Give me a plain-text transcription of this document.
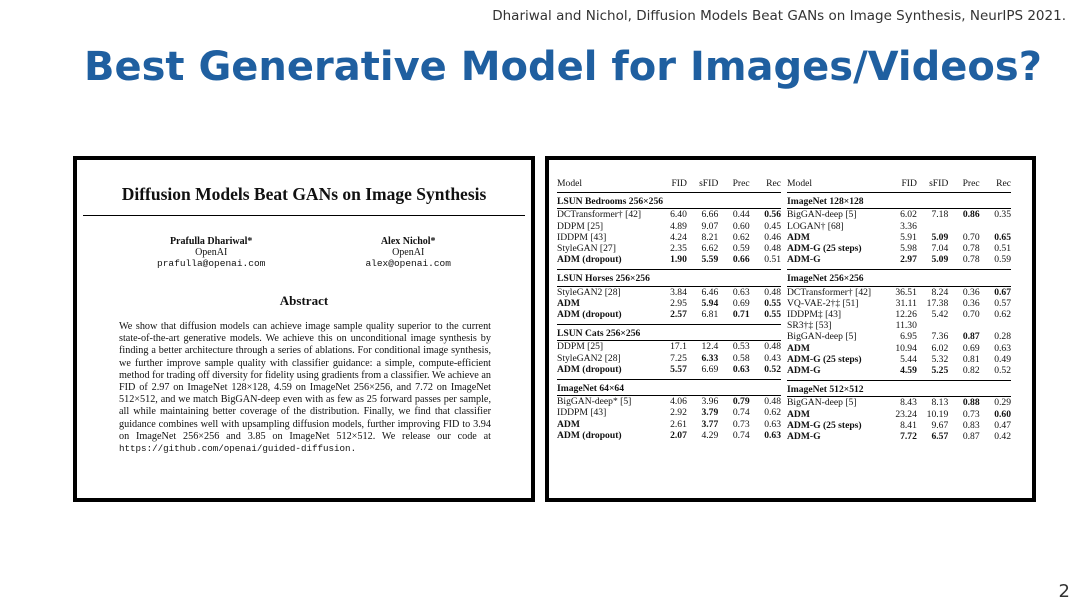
Dhariwal and Nichol, Diffusion Models Beat GANs on Image Synthesis, NeurIPS 2021.
Best Generative Model for Images/Videos?
Diffusion Models Beat GANs on Image Synthesis
Prafulla Dhariwal*
OpenAI
prafulla@openai.com
Alex Nichol*
OpenAI
alex@openai.com
Abstract
We show that diffusion models can achieve image sample quality superior to the current state-of-the-art generative models. We achieve this on unconditional image synthesis by finding a better architecture through a series of ablations. For conditional image synthesis, we further improve sample quality with classifier guidance: a simple, compute-efficient method for trading off diversity for fidelity using gradients from a classifier. We achieve an FID of 2.97 on ImageNet 128×128, 4.59 on ImageNet 256×256, and 7.72 on ImageNet 512×512, and we match BigGAN-deep even with as few as 25 forward passes per sample, all while maintaining better coverage of the distribution. Finally, we find that classifier guidance combines well with upsampling diffusion models, further improving FID to 3.94 on ImageNet 256×256 and 3.85 on ImageNet 512×512. We release our code at https://github.com/openai/guided-diffusion.
Model	FID	sFID	Prec	Rec
LSUN Bedrooms 256×256				
DCTransformer† [42]	6.40	6.66	0.44	0.56
DDPM [25]	4.89	9.07	0.60	0.45
IDDPM [43]	4.24	8.21	0.62	0.46
StyleGAN [27]	2.35	6.62	0.59	0.48
ADM (dropout)	1.90	5.59	0.66	0.51

LSUN Horses 256×256				
StyleGAN2 [28]	3.84	6.46	0.63	0.48
ADM	2.95	5.94	0.69	0.55
ADM (dropout)	2.57	6.81	0.71	0.55

LSUN Cats 256×256				
DDPM [25]	17.1	12.4	0.53	0.48
StyleGAN2 [28]	7.25	6.33	0.58	0.43
ADM (dropout)	5.57	6.69	0.63	0.52

ImageNet 64×64				
BigGAN-deep* [5]	4.06	3.96	0.79	0.48
IDDPM [43]	2.92	3.79	0.74	0.62
ADM	2.61	3.77	0.73	0.63
ADM (dropout)	2.07	4.29	0.74	0.63
Model	FID	sFID	Prec	Rec
ImageNet 128×128				
BigGAN-deep [5]	6.02	7.18	0.86	0.35
LOGAN† [68]	3.36			
ADM	5.91	5.09	0.70	0.65
ADM-G (25 steps)	5.98	7.04	0.78	0.51
ADM-G	2.97	5.09	0.78	0.59

ImageNet 256×256				
DCTransformer† [42]	36.51	8.24	0.36	0.67
VQ-VAE-2†‡ [51]	31.11	17.38	0.36	0.57
IDDPM‡ [43]	12.26	5.42	0.70	0.62
SR3†‡ [53]	11.30			
BigGAN-deep [5]	6.95	7.36	0.87	0.28
ADM	10.94	6.02	0.69	0.63
ADM-G (25 steps)	5.44	5.32	0.81	0.49
ADM-G	4.59	5.25	0.82	0.52

ImageNet 512×512				
BigGAN-deep [5]	8.43	8.13	0.88	0.29
ADM	23.24	10.19	0.73	0.60
ADM-G (25 steps)	8.41	9.67	0.83	0.47
ADM-G	7.72	6.57	0.87	0.42
2
